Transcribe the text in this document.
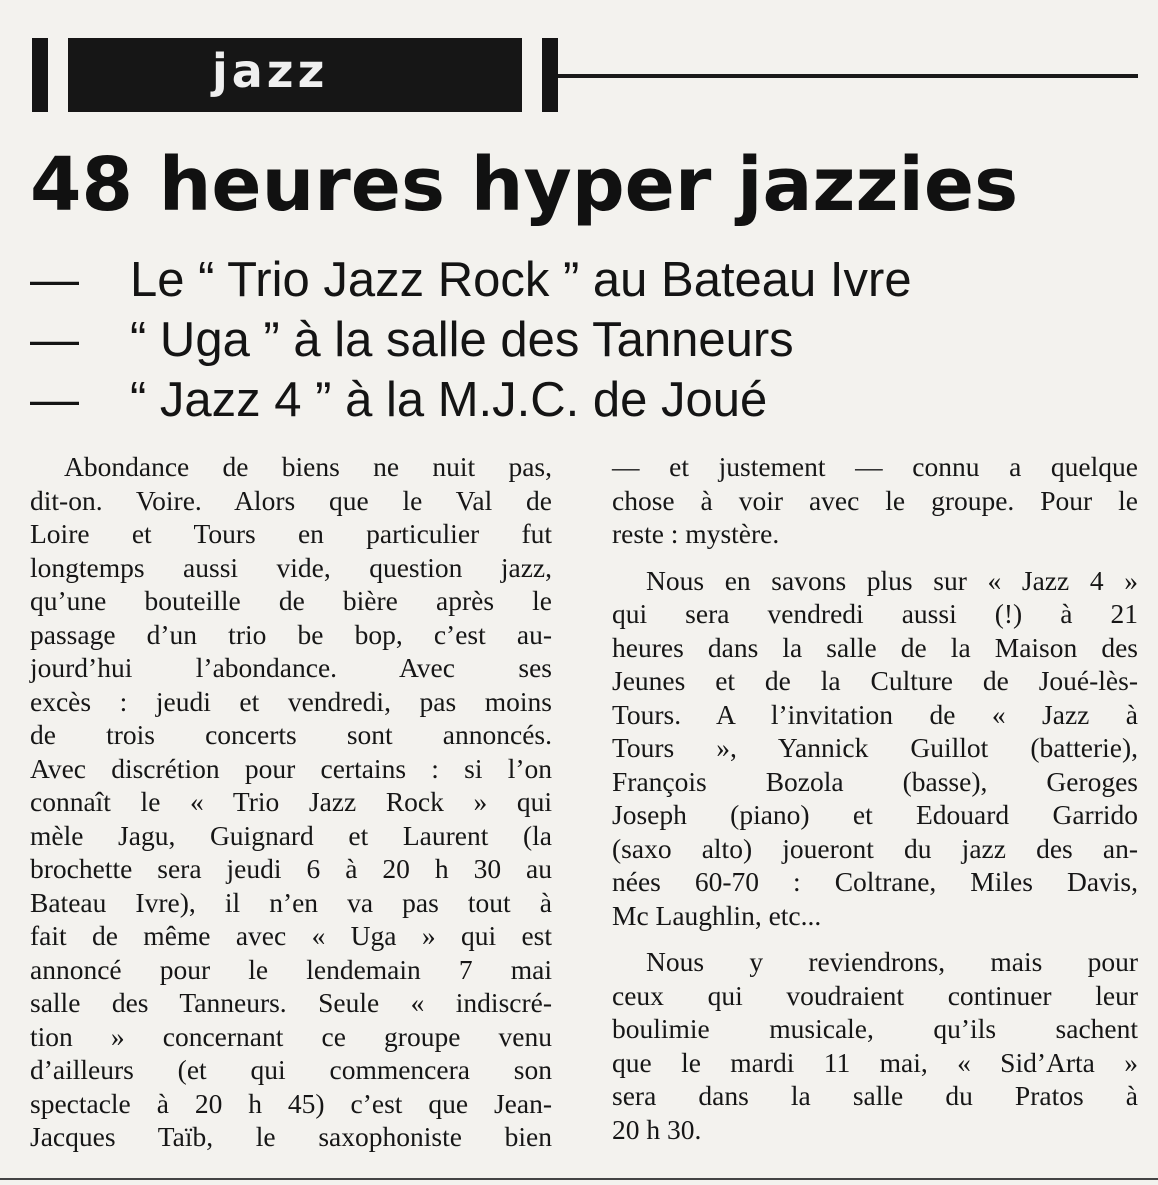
jazz
48 heures hyper jazzies
— Le “ Trio Jazz Rock ” au Bateau Ivre
— “ Uga ” à la salle des Tanneurs
— “ Jazz 4 ” à la M.J.C. de Joué
Abondance de biens ne nuit pas,
dit-on. Voire. Alors que le Val de
Loire et Tours en particulier fut
longtemps aussi vide, question jazz,
qu’une bouteille de bière après le
passage d’un trio be bop, c’est au-
jourd’hui l’abondance. Avec ses
excès : jeudi et vendredi, pas moins
de trois concerts sont annoncés.
Avec discrétion pour certains : si l’on
connaît le « Trio Jazz Rock » qui
mèle Jagu, Guignard et Laurent (la
brochette sera jeudi 6 à 20 h 30 au
Bateau Ivre), il n’en va pas tout à
fait de même avec « Uga » qui est
annoncé pour le lendemain 7 mai
salle des Tanneurs. Seule « indiscré-
tion » concernant ce groupe venu
d’ailleurs (et qui commencera son
spectacle à 20 h 45) c’est que Jean-
Jacques Taïb, le saxophoniste bien
— et justement — connu a quelque
chose à voir avec le groupe. Pour le
reste : mystère.
Nous en savons plus sur « Jazz 4 »
qui sera vendredi aussi (!) à 21
heures dans la salle de la Maison des
Jeunes et de la Culture de Joué-lès-
Tours. A l’invitation de « Jazz à
Tours », Yannick Guillot (batterie),
François Bozola (basse), Geroges
Joseph (piano) et Edouard Garrido
(saxo alto) joueront du jazz des an-
nées 60-70 : Coltrane, Miles Davis,
Mc Laughlin, etc...
Nous y reviendrons, mais pour
ceux qui voudraient continuer leur
boulimie musicale, qu’ils sachent
que le mardi 11 mai, « Sid’Arta »
sera dans la salle du Pratos à
20 h 30.
